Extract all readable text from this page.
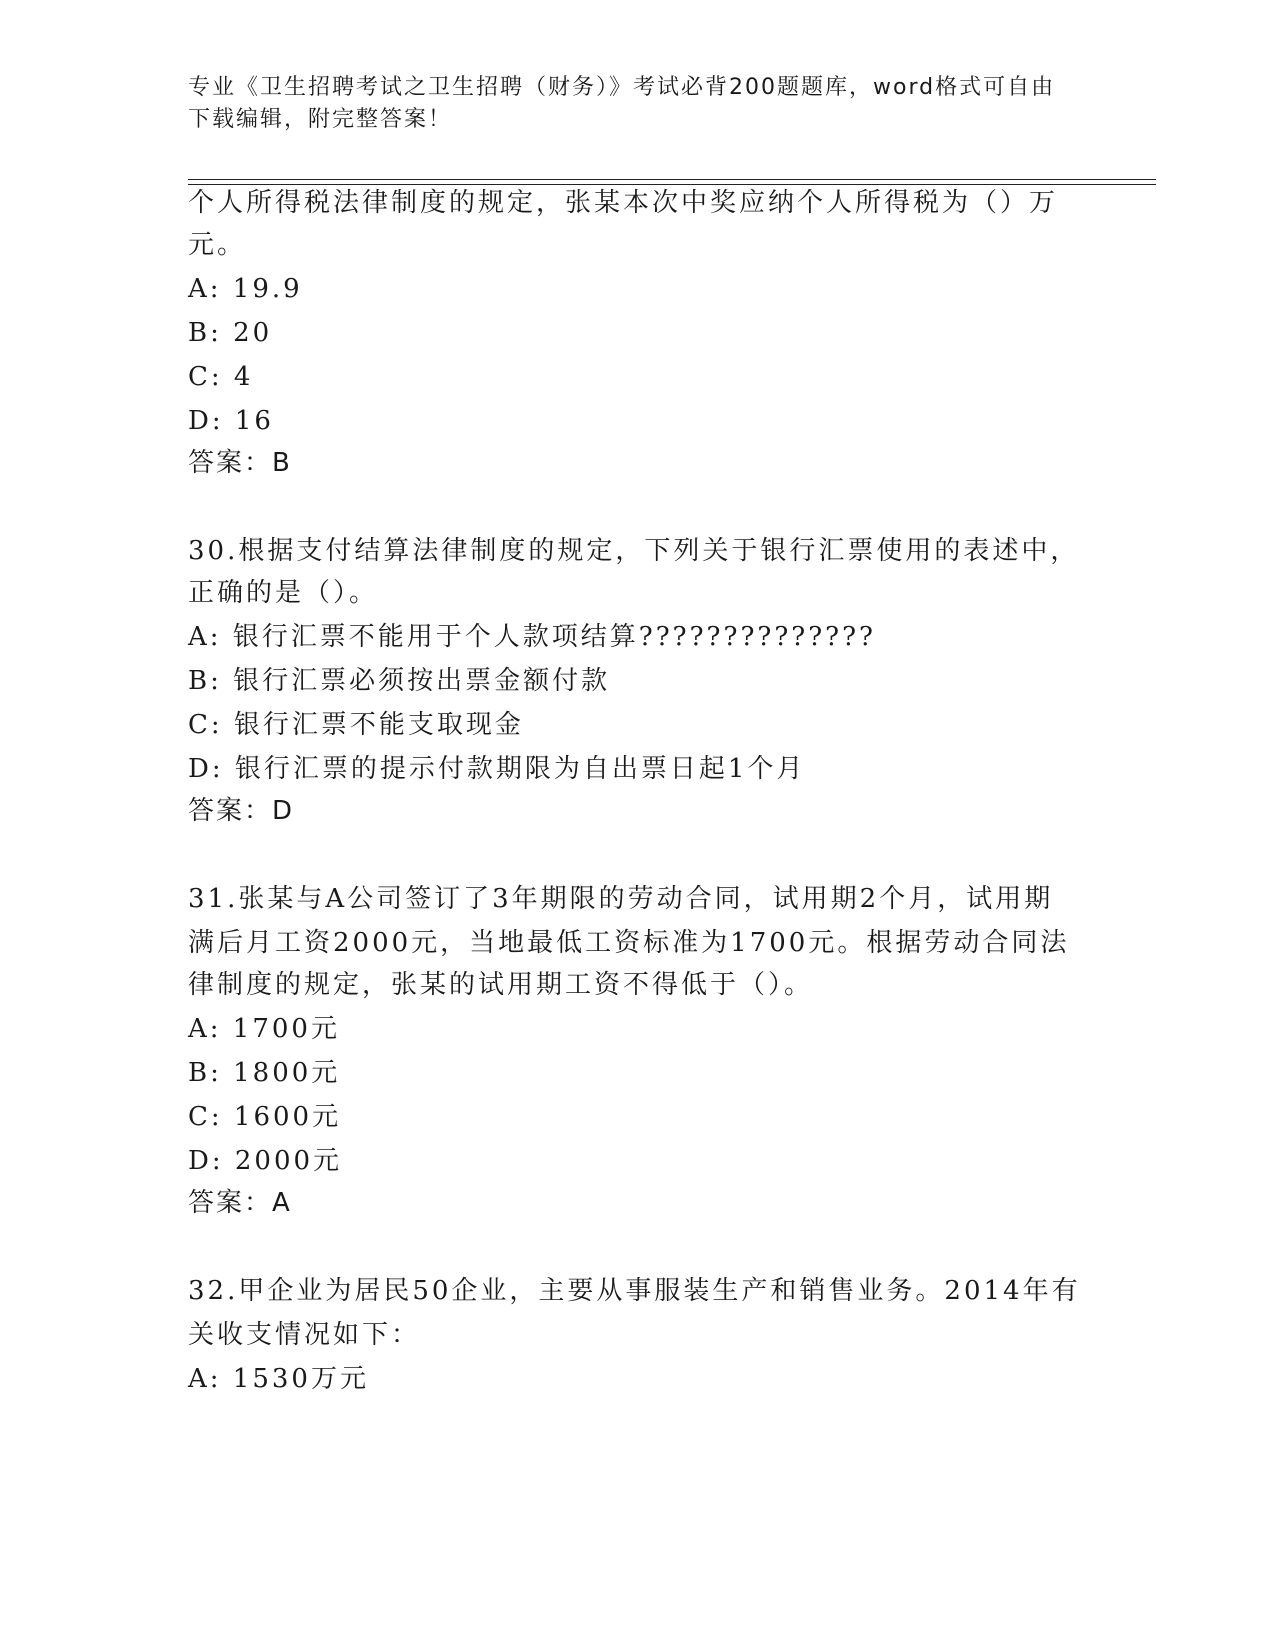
专业《卫生招聘考试之卫生招聘（财务）》考试必背200题题库，word格式可自由下载编辑，附完整答案！
个人所得税法律制度的规定，张某本次中奖应纳个人所得税为（）万
元。
A: 19.9
B: 20
C: 4
D: 16
答案：B
30.根据支付结算法律制度的规定，下列关于银行汇票使用的表述中，
正确的是（）。
A: 银行汇票不能用于个人款项结算??????????????
B: 银行汇票必须按出票金额付款
C: 银行汇票不能支取现金
D: 银行汇票的提示付款期限为自出票日起1个月
答案：D
31.张某与A公司签订了3年期限的劳动合同，试用期2个月，试用期
满后月工资2000元，当地最低工资标准为1700元。根据劳动合同法
律制度的规定，张某的试用期工资不得低于（）。
A: 1700元
B: 1800元
C: 1600元
D: 2000元
答案：A
32.甲企业为居民50企业，主要从事服装生产和销售业务。2014年有
关收支情况如下：
A: 1530万元
